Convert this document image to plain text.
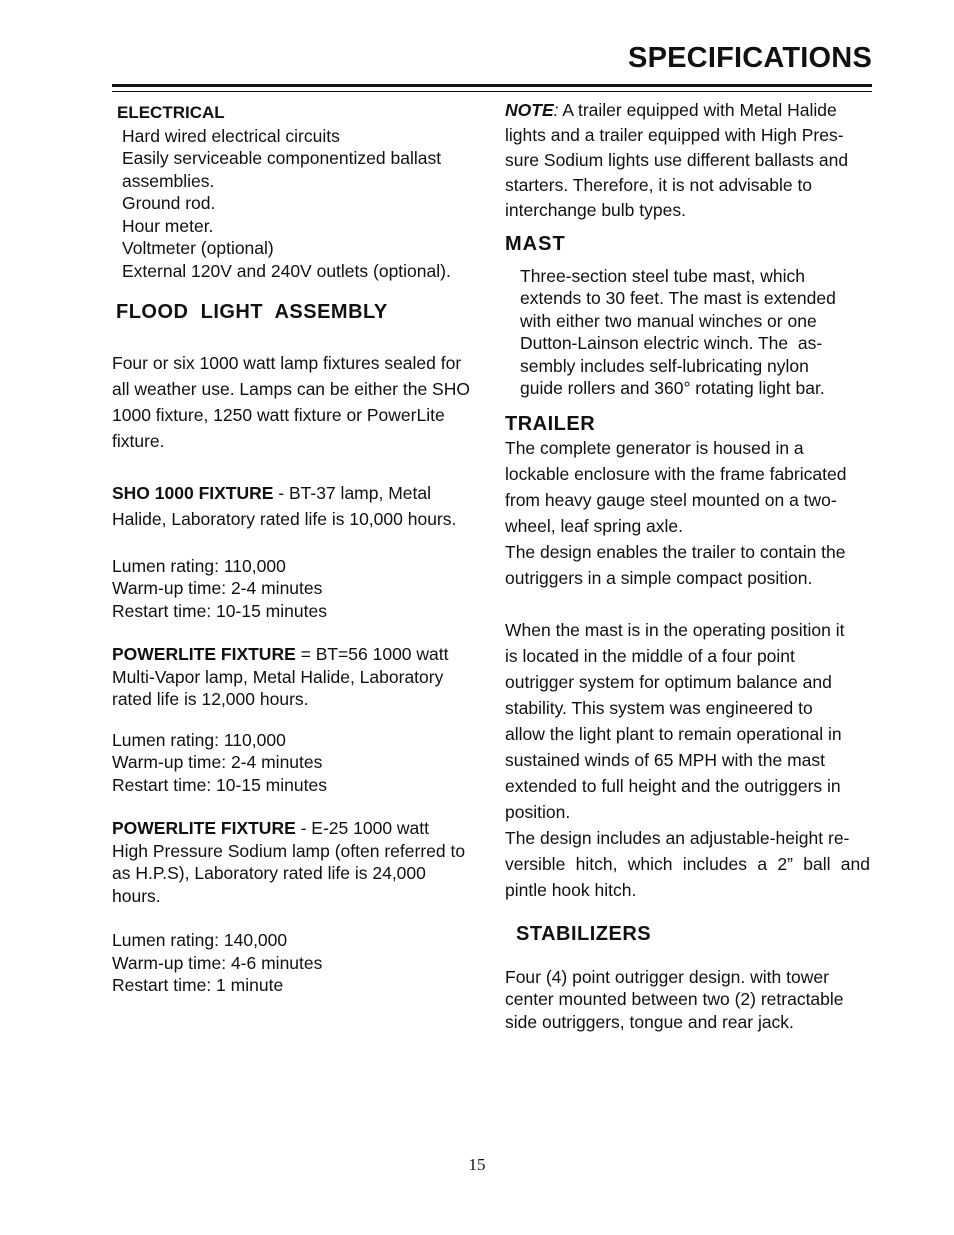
SPECIFICATIONS
ELECTRICAL
Hard wired electrical circuits
Easily serviceable componentized ballast
assemblies.
Ground rod.
Hour meter.
Voltmeter (optional)
External 120V and 240V outlets (optional).
FLOOD  LIGHT  ASSEMBLY
Four or six 1000 watt lamp fixtures sealed for
all weather use. Lamps can be either the SHO
1000 fixture, 1250 watt fixture or PowerLite
fixture.
SHO 1000 FIXTURE - BT-37 lamp, Metal
Halide, Laboratory rated life is 10,000 hours.
Lumen rating: 110,000
Warm-up time: 2-4 minutes
Restart time: 10-15 minutes
POWERLITE FIXTURE = BT=56 1000 watt
Multi-Vapor lamp, Metal Halide, Laboratory
rated life is 12,000 hours.
Lumen rating: 110,000
Warm-up time: 2-4 minutes
Restart time: 10-15 minutes
POWERLITE FIXTURE - E-25 1000 watt
High Pressure Sodium lamp (often referred to
as H.P.S), Laboratory rated life is 24,000
hours.
Lumen rating: 140,000
Warm-up time: 4-6 minutes
Restart time: 1 minute
NOTE: A trailer equipped with Metal Halide
lights and a trailer equipped with High Pres-
sure Sodium lights use different ballasts and
starters. Therefore, it is not advisable to
interchange bulb types.
MAST
Three-section steel tube mast, which
extends to 30 feet. The mast is extended
with either two manual winches or one
Dutton-Lainson electric winch. The  as-
sembly includes self-lubricating nylon
guide rollers and 360° rotating light bar.
TRAILER
The complete generator is housed in a
lockable enclosure with the frame fabricated
from heavy gauge steel mounted on a two-
wheel, leaf spring axle.
The design enables the trailer to contain the
outriggers in a simple compact position.
When the mast is in the operating position it
is located in the middle of a four point
outrigger system for optimum balance and
stability. This system was engineered to
allow the light plant to remain operational in
sustained winds of 65 MPH with the mast
extended to full height and the outriggers in
position.
The design includes an adjustable-height re-
versible hitch, which includes a 2” ball and
pintle hook hitch.
STABILIZERS
Four (4) point outrigger design. with tower
center mounted between two (2) retractable
side outriggers, tongue and rear jack.
15
